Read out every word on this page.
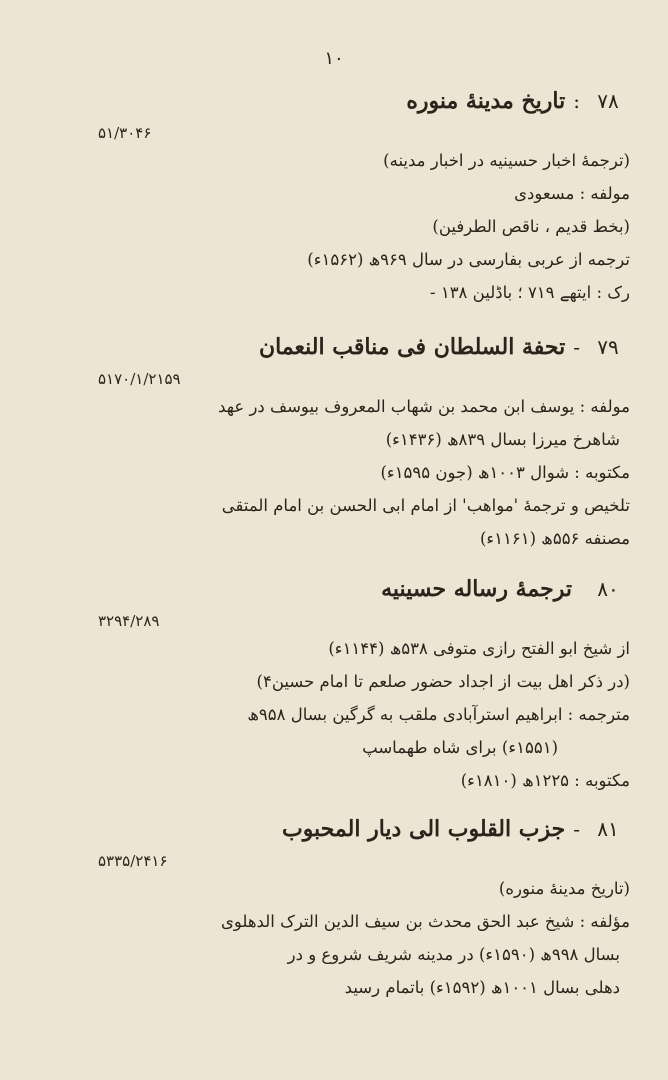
۱۰
۷۸
:
تاریخ مدینهٔ منوره
۵۱/۳۰۴۶
(ترجمهٔ اخبار حسینیه در اخبار مدینه)
مولفه : مسعودی
(بخط قدیم ، ناقص الطرفین)
ترجمه از عربی بفارسی در سال ۹۶۹ھ (۱۵۶۲ء)
رک : ایتھے ۷۱۹ ؛ باڈلین ۱۳۸ -
۷۹
-
تحفة السلطان فی مناقب النعمان
۵۱۷۰/۱/۲۱۵۹
مولفه : یوسف ابن محمد بن شهاب المعروف بیوسف در عهد
شاهرخ میرزا بسال ۸۳۹ھ (۱۴۳۶ء)
مکتوبه : شوال ۱۰۰۳ھ (جون ۱۵۹۵ء)
تلخیص و ترجمهٔ 'مواهب' از امام ابی الحسن بن امام المتقی
مصنفه ۵۵۶ھ (۱۱۶۱ء)
۸۰
ترجمهٔ رساله حسینیه
۳۲۹۴/۲۸۹
از شیخ ابو الفتح رازی متوفی ۵۳۸ھ (۱۱۴۴ء)
(در ذکر اهل بیت از اجداد حضور صلعم تا امام حسین۴)
مترجمه : ابراهیم استرآبادی ملقب به گرگین بسال ۹۵۸ھ
(۱۵۵۱ء) برای شاه طهماسپ
مکتوبه : ۱۲۲۵ھ (۱۸۱۰ء)
۸۱
-
جزب القلوب الی دیار المحبوب
۵۳۳۵/۲۴۱۶
(تاریخ مدینهٔ منوره)
مؤلفه : شیخ عبد الحق محدث بن سیف الدین الترک الدهلوی
بسال ۹۹۸ھ (۱۵۹۰ء) در مدینه شریف شروع و در
دهلی بسال ۱۰۰۱ھ (۱۵۹۲ء) باتمام رسید
